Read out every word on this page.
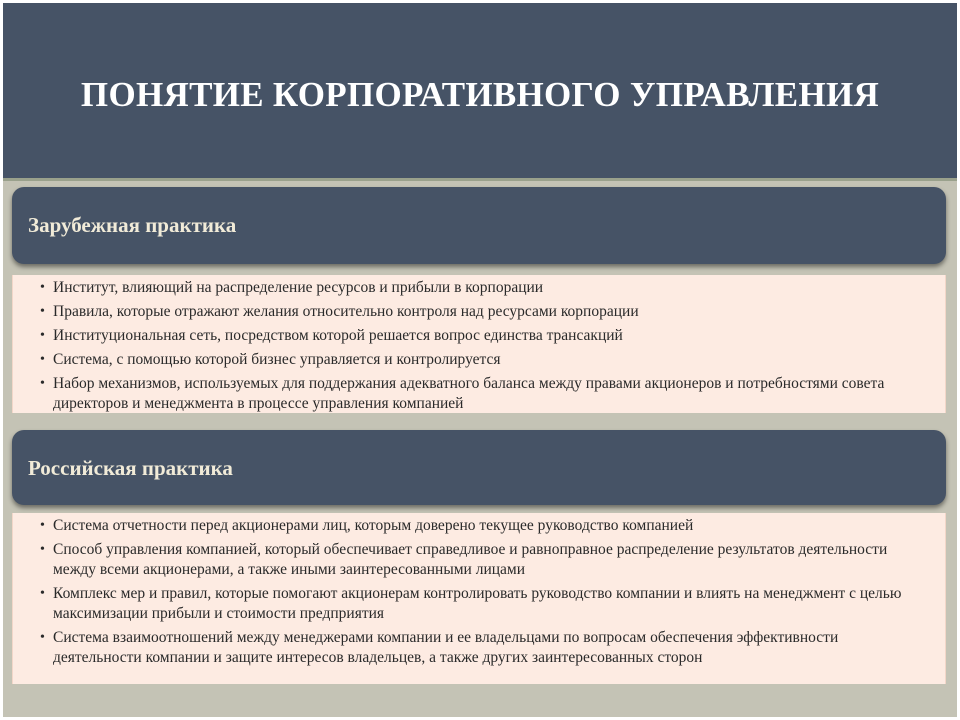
ПОНЯТИЕ КОРПОРАТИВНОГО УПРАВЛЕНИЯ
Зарубежная практика
• Институт, влияющий на распределение ресурсов и прибыли в корпорации
• Правила, которые отражают желания относительно контроля над ресурсами корпорации
• Институциональная сеть, посредством которой решается вопрос единства трансакций
• Система, с помощью которой бизнес управляется и контролируется
• Набор механизмов, используемых для поддержания адекватного баланса между правами акционеров и потребностями совета директоров и менеджмента в процессе управления компанией
Российская практика
• Система отчетности перед акционерами лиц, которым доверено текущее руководство компанией
• Способ управления компанией, который обеспечивает справедливое и равноправное распределение результатов деятельности между всеми акционерами, а также иными заинтересованными лицами
• Комплекс мер и правил, которые помогают акционерам контролировать руководство компании и влиять на менеджмент с целью максимизации прибыли и стоимости предприятия
• Система взаимоотношений между менеджерами компании и ее владельцами по вопросам обеспечения эффективности деятельности компании и защите интересов владельцев, а также других заинтересованных сторон
